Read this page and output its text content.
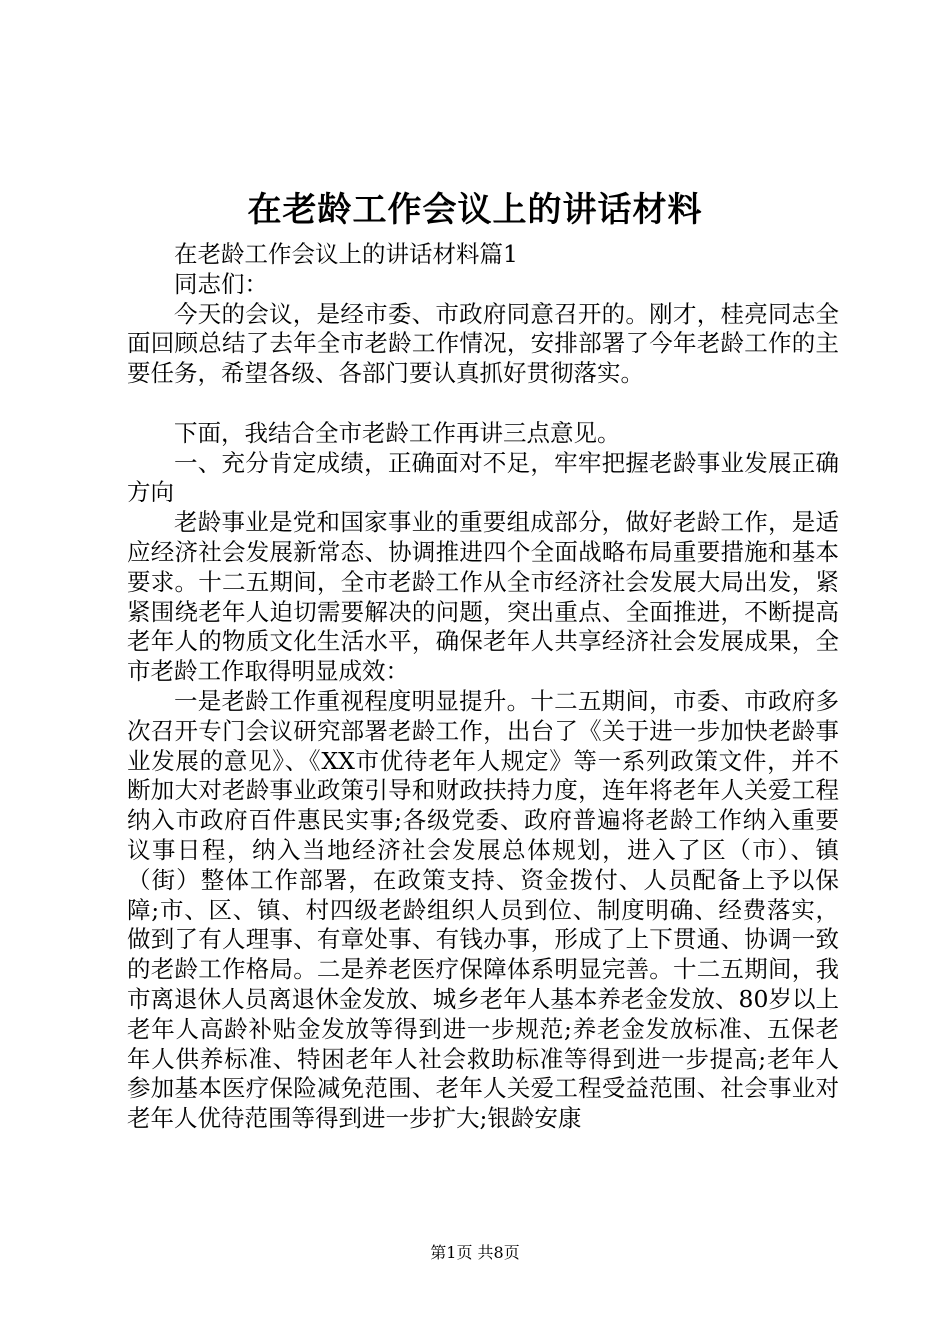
在老龄工作会议上的讲话材料

在老龄工作会议上的讲话材料篇1

同志们：

今天的会议，是经市委、市政府同意召开的。刚才，桂亮同志全面回顾总结了去年全市老龄工作情况，安排部署了今年老龄工作的主要任务，希望各级、各部门要认真抓好贯彻落实。

下面，我结合全市老龄工作再讲三点意见。

一、充分肯定成绩，正确面对不足，牢牢把握老龄事业发展正确方向

老龄事业是党和国家事业的重要组成部分，做好老龄工作，是适应经济社会发展新常态、协调推进四个全面战略布局重要措施和基本要求。十二五期间，全市老龄工作从全市经济社会发展大局出发，紧紧围绕老年人迫切需要解决的问题，突出重点、全面推进，不断提高老年人的物质文化生活水平，确保老年人共享经济社会发展成果，全市老龄工作取得明显成效：

一是老龄工作重视程度明显提升。十二五期间，市委、市政府多次召开专门会议研究部署老龄工作，出台了《关于进一步加快老龄事业发展的意见》、《XX市优待老年人规定》等一系列政策文件，并不断加大对老龄事业政策引导和财政扶持力度，连年将老年人关爱工程纳入市政府百件惠民实事;各级党委、政府普遍将老龄工作纳入重要议事日程，纳入当地经济社会发展总体规划，进入了区（市）、镇（街）整体工作部署，在政策支持、资金拨付、人员配备上予以保障;市、区、镇、村四级老龄组织人员到位、制度明确、经费落实，做到了有人理事、有章处事、有钱办事，形成了上下贯通、协调一致的老龄工作格局。二是养老医疗保障体系明显完善。十二五期间，我市离退休人员离退休金发放、城乡老年人基本养老金发放、80岁以上老年人高龄补贴金发放等得到进一步规范;养老金发放标准、五保老年人供养标准、特困老年人社会救助标准等得到进一步提高;老年人参加基本医疗保险减免范围、老年人关爱工程受益范围、社会事业对老年人优待范围等得到进一步扩大;银龄安康

第1页 共8页
